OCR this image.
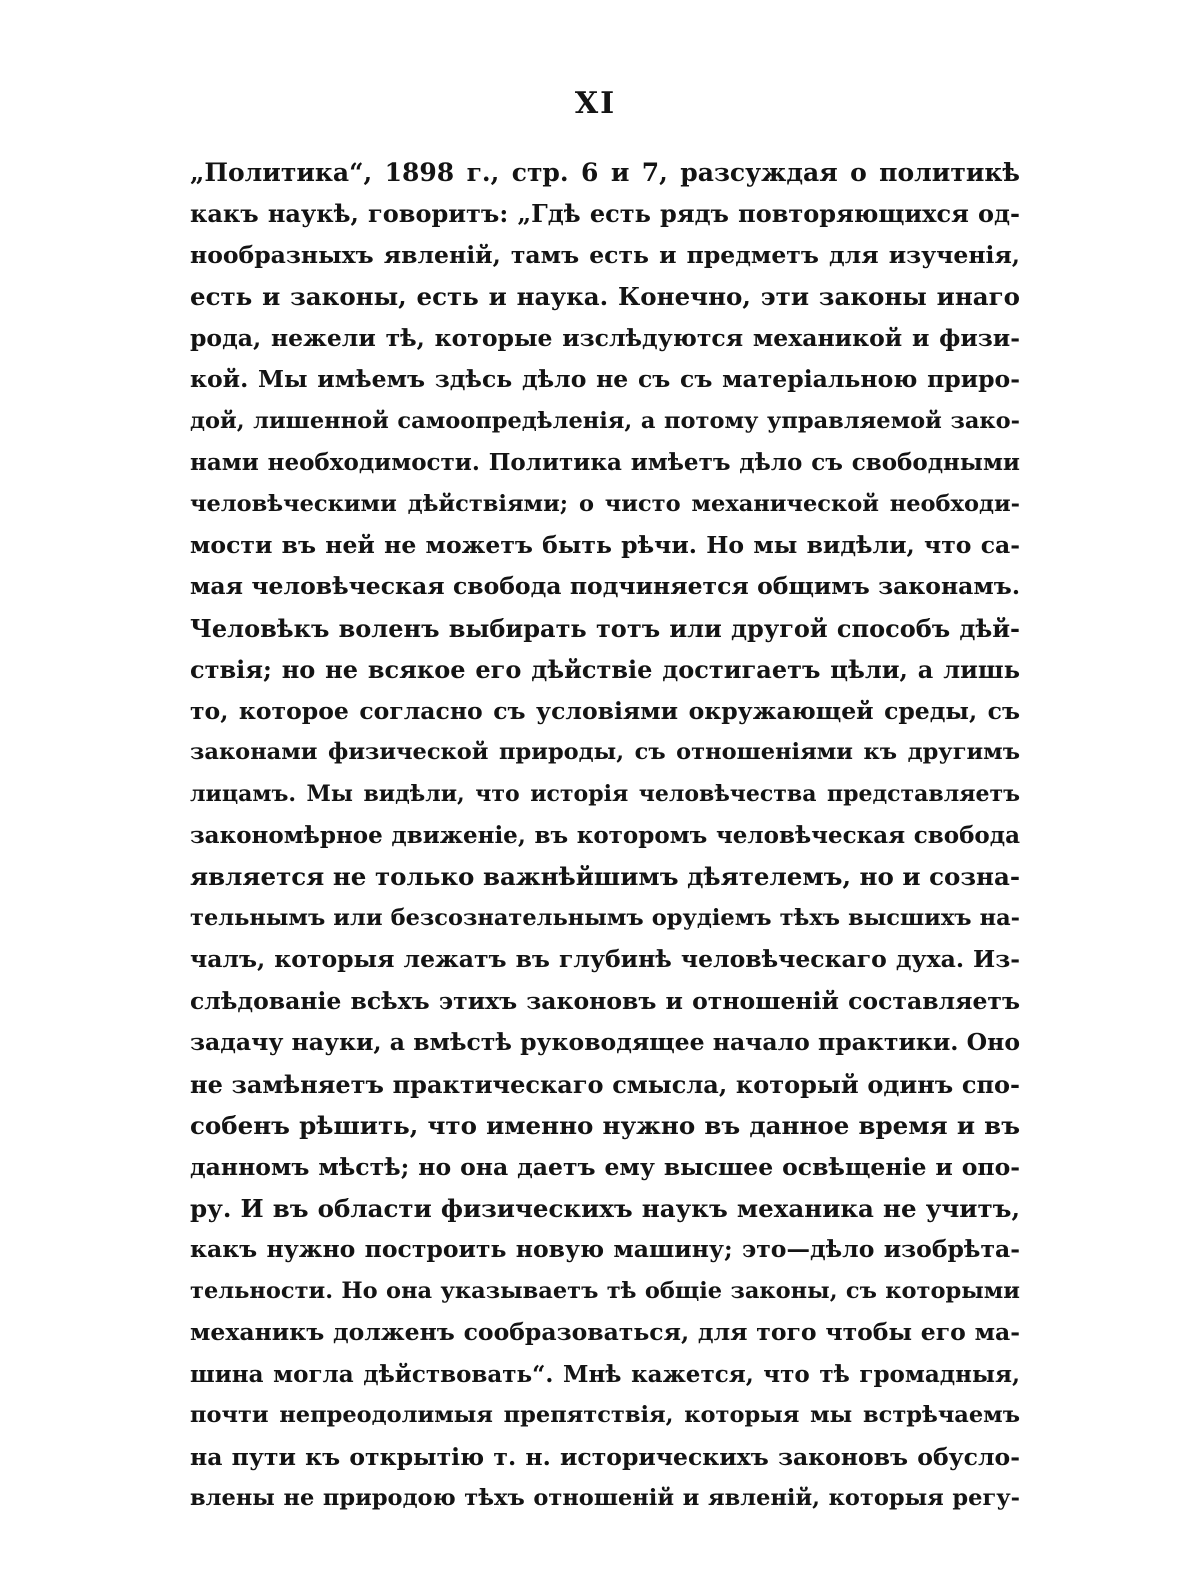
XI
„Политика“, 1898 г., стр. 6 и 7, разсуждая о политикѣ
какъ наукѣ, говоритъ: „Гдѣ есть рядъ повторяющихся од-
нообразныхъ явленій, тамъ есть и предметъ для изученія,
есть и законы, есть и наука. Конечно, эти законы инаго
рода, нежели тѣ, которые изслѣдуются механикой и физи-
кой. Мы имѣемъ здѣсь дѣло не съ съ матеріальною приро-
дой, лишенной самоопредѣленія, а потому управляемой зако-
нами необходимости. Политика имѣетъ дѣло съ свободными
человѣческими дѣйствіями; о чисто механической необходи-
мости въ ней не можетъ быть рѣчи. Но мы видѣли, что са-
мая человѣческая свобода подчиняется общимъ законамъ.
Человѣкъ воленъ выбирать тотъ или другой способъ дѣй-
ствія; но не всякое его дѣйствіе достигаетъ цѣли, а лишь
то, которое согласно съ условіями окружающей среды, съ
законами физической природы, съ отношеніями къ другимъ
лицамъ. Мы видѣли, что исторія человѣчества представляетъ
закономѣрное движеніе, въ которомъ человѣческая свобода
является не только важнѣйшимъ дѣятелемъ, но и созна-
тельнымъ или безсознательнымъ орудіемъ тѣхъ высшихъ на-
чалъ, которыя лежатъ въ глубинѣ человѣческаго духа. Из-
слѣдованіе всѣхъ этихъ законовъ и отношеній составляетъ
задачу науки, а вмѣстѣ руководящее начало практики. Оно
не замѣняетъ практическаго смысла, который одинъ спо-
собенъ рѣшить, что именно нужно въ данное время и въ
данномъ мѣстѣ; но она даетъ ему высшее освѣщеніе и опо-
ру. И въ области физическихъ наукъ механика не учитъ,
какъ нужно построить новую машину; это—дѣло изобрѣта-
тельности. Но она указываетъ тѣ общіе законы, съ которыми
механикъ долженъ сообразоваться, для того чтобы его ма-
шина могла дѣйствовать“. Мнѣ кажется, что тѣ громадныя,
почти непреодолимыя препятствія, которыя мы встрѣчаемъ
на пути къ открытію т. н. историческихъ законовъ обусло-
влены не природою тѣхъ отношеній и явленій, которыя регу-
